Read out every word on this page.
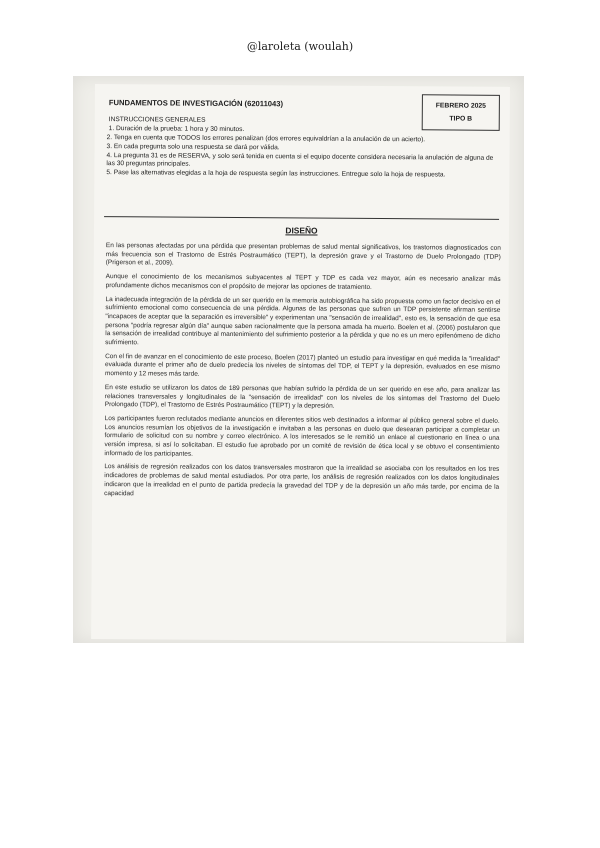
@laroleta (woulah)
FUNDAMENTOS DE INVESTIGACIÓN (62011043)	FEBRERO 2025
TIPO B
INSTRUCCIONES GENERALES
1. Duración de la prueba: 1 hora y 30 minutos.
2. Tenga en cuenta que TODOS los errores penalizan (dos errores equivaldrían a la anulación de un acierto).
3. En cada pregunta solo una respuesta se dará por válida.
4. La pregunta 31 es de RESERVA, y solo será tenida en cuenta si el equipo docente considera necesaria la anulación de alguna de las 30 preguntas principales.
5. Pase las alternativas elegidas a la hoja de respuesta según las instrucciones. Entregue solo la hoja de respuesta.
DISEÑO

En las personas afectadas por una pérdida que presentan problemas de salud mental significativos, los trastornos diagnosticados con más frecuencia son el Trastorno de Estrés Postraumático (TEPT), la depresión grave y el Trastorno de Duelo Prolongado (TDP) (Prigerson et al., 2009).

Aunque el conocimiento de los mecanismos subyacentes al TEPT y TDP es cada vez mayor, aún es necesario analizar más profundamente dichos mecanismos con el propósito de mejorar las opciones de tratamiento.

La inadecuada integración de la pérdida de un ser querido en la memoria autobiográfica ha sido propuesta como un factor decisivo en el sufrimiento emocional como consecuencia de una pérdida. Algunas de las personas que sufren un TDP persistente afirman sentirse "incapaces de aceptar que la separación es irreversible" y experimentan una "sensación de irrealidad", esto es, la sensación de que esa persona "podría regresar algún día" aunque saben racionalmente que la persona amada ha muerto. Boelen et al. (2006) postularon que la sensación de irrealidad contribuye al mantenimiento del sufrimiento posterior a la pérdida y que no es un mero epifenómeno de dicho sufrimiento.

Con el fin de avanzar en el conocimiento de este proceso, Boelen (2017) planteó un estudio para investigar en qué medida la "irrealidad" evaluada durante el primer año de duelo predecía los niveles de síntomas del TDP, el TEPT y la depresión, evaluados en ese mismo momento y 12 meses más tarde.

En este estudio se utilizaron los datos de 189 personas que habían sufrido la pérdida de un ser querido en ese año, para analizar las relaciones transversales y longitudinales de la "sensación de irrealidad" con los niveles de los síntomas del Trastorno del Duelo Prolongado (TDP), el Trastorno de Estrés Postraumático (TEPT) y la depresión.

Los participantes fueron reclutados mediante anuncios en diferentes sitios web destinados a informar al público general sobre el duelo. Los anuncios resumían los objetivos de la investigación e invitaban a las personas en duelo que desearan participar a completar un formulario de solicitud con su nombre y correo electrónico. A los interesados se le remitió un enlace al cuestionario en línea o una versión impresa, si así lo solicitaban. El estudio fue aprobado por un comité de revisión de ética local y se obtuvo el consentimiento informado de los participantes.

Los análisis de regresión realizados con los datos transversales mostraron que la irrealidad se asociaba con los resultados en los tres indicadores de problemas de salud mental estudiados. Por otra parte, los análisis de regresión realizados con los datos longitudinales indicaron que la irrealidad en el punto de partida predecía la gravedad del TDP y de la depresión un año más tarde, por encima de la capacidad
